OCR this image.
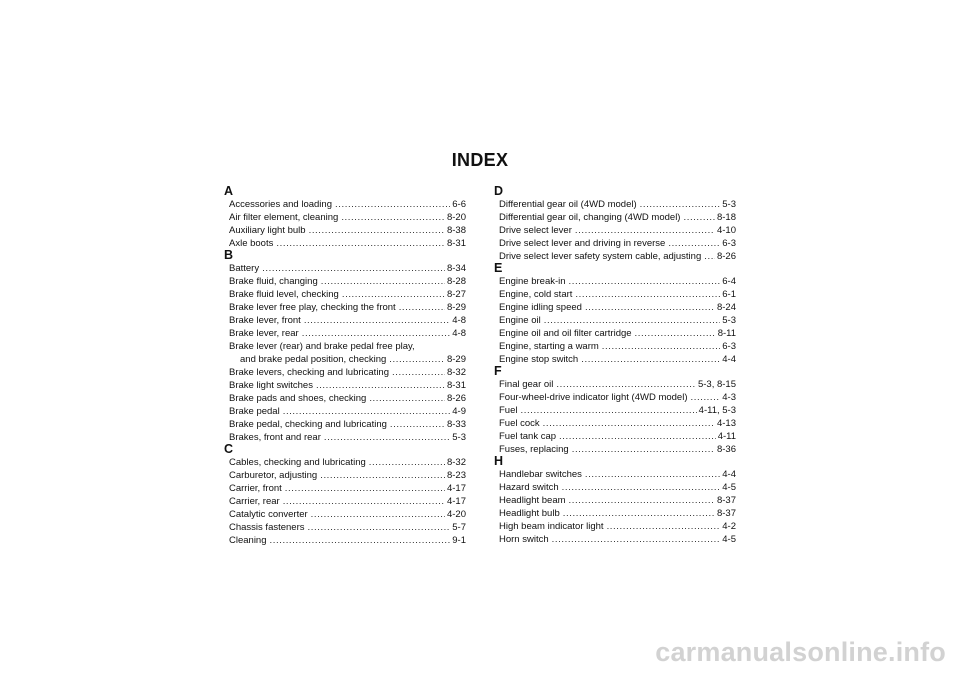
INDEX
A
Accessories and loading .....	6-6
Air filter element, cleaning .....	8-20
Auxiliary light bulb .....	8-38
Axle boots .....	8-31
B
Battery .....	8-34
Brake fluid, changing .....	8-28
Brake fluid level, checking .....	8-27
Brake lever free play, checking the front .....	8-29
Brake lever, front .....	4-8
Brake lever, rear .....	4-8
Brake lever (rear) and brake pedal free play,
and brake pedal position, checking .....	8-29
Brake levers, checking and lubricating .....	8-32
Brake light switches .....	8-31
Brake pads and shoes, checking .....	8-26
Brake pedal .....	4-9
Brake pedal, checking and lubricating .....	8-33
Brakes, front and rear .....	5-3
C
Cables, checking and lubricating .....	8-32
Carburetor, adjusting .....	8-23
Carrier, front .....	4-17
Carrier, rear .....	4-17
Catalytic converter .....	4-20
Chassis fasteners .....	5-7
Cleaning .....	9-1
D
Differential gear oil (4WD model) .....	5-3
Differential gear oil, changing (4WD model) .....	8-18
Drive select lever .....	4-10
Drive select lever and driving in reverse .....	6-3
Drive select lever safety system cable, adjusting ..... 8-26
E
Engine break-in .....	6-4
Engine, cold start .....	6-1
Engine idling speed .....	8-24
Engine oil .....	5-3
Engine oil and oil filter cartridge .....	8-11
Engine, starting a warm .....	6-3
Engine stop switch .....	4-4
F
Final gear oil .....	5-3, 8-15
Four-wheel-drive indicator light (4WD model) .....	4-3
Fuel .....	4-11, 5-3
Fuel cock .....	4-13
Fuel tank cap .....	4-11
Fuses, replacing .....	8-36
H
Handlebar switches .....	4-4
Hazard switch .....	4-5
Headlight beam .....	8-37
Headlight bulb .....	8-37
High beam indicator light .....	4-2
Horn switch .....	4-5
carmanualsonline.info
